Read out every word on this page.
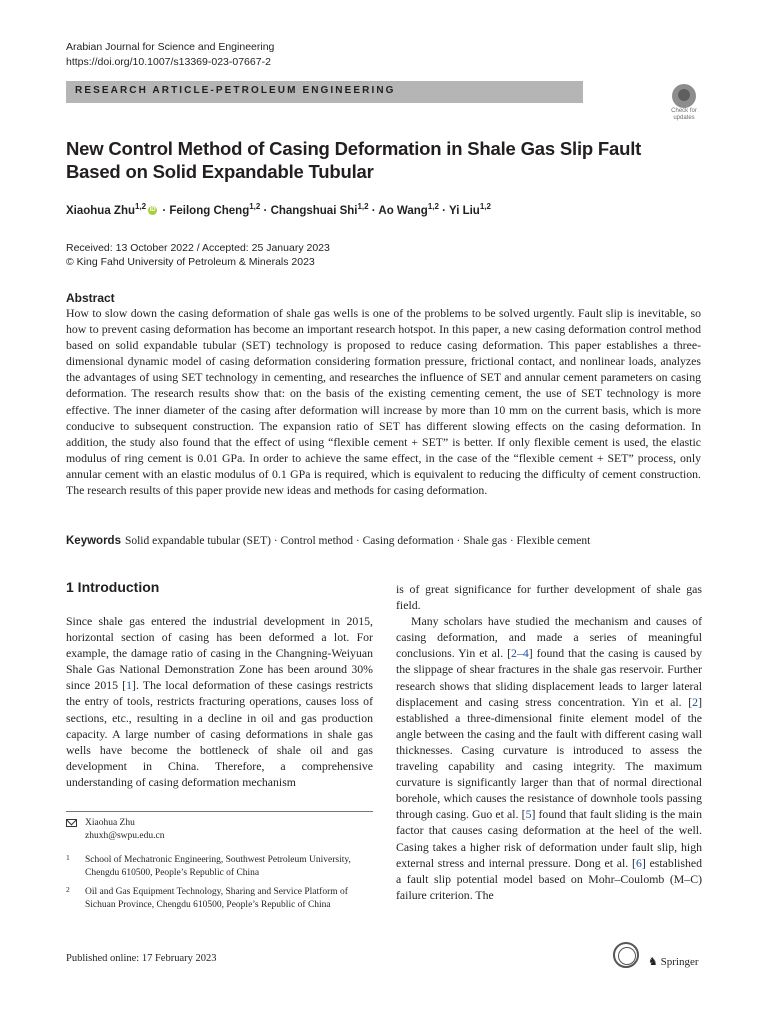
Arabian Journal for Science and Engineering
https://doi.org/10.1007/s13369-023-07667-2
RESEARCH ARTICLE-PETROLEUM ENGINEERING
Check for updates
New Control Method of Casing Deformation in Shale Gas Slip Fault Based on Solid Expandable Tubular
Xiaohua Zhu$^{1,2}$ iD · Feilong Cheng$^{1,2}$ · Changshuai Shi$^{1,2}$ · Ao Wang$^{1,2}$ · Yi Liu$^{1,2}$
Received: 13 October 2022 / Accepted: 25 January 2023
© King Fahd University of Petroleum & Minerals 2023
Abstract
How to slow down the casing deformation of shale gas wells is one of the problems to be solved urgently. Fault slip is inevitable, so how to prevent casing deformation has become an important research hotspot. In this paper, a new casing deformation control method based on solid expandable tubular (SET) technology is proposed to reduce casing deformation. This paper establishes a three-dimensional dynamic model of casing deformation considering formation pressure, frictional contact, and nonlinear loads, analyzes the advantages of using SET technology in cementing, and researches the influence of SET and annular cement parameters on casing deformation. The research results show that: on the basis of the existing cementing cement, the use of SET technology is more effective. The inner diameter of the casing after deformation will increase by more than 10 mm on the current basis, which is more conducive to subsequent construction. The expansion ratio of SET has different slowing effects on the casing deformation. In addition, the study also found that the effect of using “flexible cement + SET” is better. If only flexible cement is used, the elastic modulus of ring cement is 0.01 GPa. In order to achieve the same effect, in the case of the “flexible cement + SET” process, only annular cement with an elastic modulus of 0.1 GPa is required, which is equivalent to reducing the difficulty of cement construction. The research results of this paper provide new ideas and methods for casing deformation.
Keywords Solid expandable tubular (SET) · Control method · Casing deformation · Shale gas · Flexible cement
1 Introduction
Since shale gas entered the industrial development in 2015, horizontal section of casing has been deformed a lot. For example, the damage ratio of casing in the Changning-Weiyuan Shale Gas National Demonstration Zone has been around 30% since 2015 [1]. The local deformation of these casings restricts the entry of tools, restricts fracturing operations, causes loss of sections, etc., resulting in a decline in oil and gas production capacity. A large number of casing deformations in shale gas wells have become the bottleneck of shale oil and gas development in China. Therefore, a comprehensive understanding of casing deformation mechanism

is of great significance for further development of shale gas field.

Many scholars have studied the mechanism and causes of casing deformation, and made a series of meaningful conclusions. Yin et al. [2–4] found that the casing is caused by the slippage of shear fractures in the shale gas reservoir. Further research shows that sliding displacement leads to larger lateral displacement and casing stress concentration. Yin et al. [2] established a three-dimensional finite element model of the angle between the casing and the fault with different casing wall thicknesses. Casing curvature is introduced to assess the traveling capability and casing integrity. The maximum curvature is significantly larger than that of normal directional borehole, which causes the resistance of downhole tools passing through casing. Guo et al. [5] found that fault sliding is the main factor that causes casing deformation at the heel of the well. Casing takes a higher risk of deformation under fault slip, high external stress and internal pressure. Dong et al. [6] established a fault slip potential model based on Mohr–Coulomb (M–C) failure criterion. The

Xiaohua Zhu
zhuxh@swpu.edu.cn
1 School of Mechatronic Engineering, Southwest Petroleum University, Chengdu 610500, People’s Republic of China
2 Oil and Gas Equipment Technology, Sharing and Service Platform of Sichuan Province, Chengdu 610500, People’s Republic of China
Published online: 17 February 2023	♞ Springer
